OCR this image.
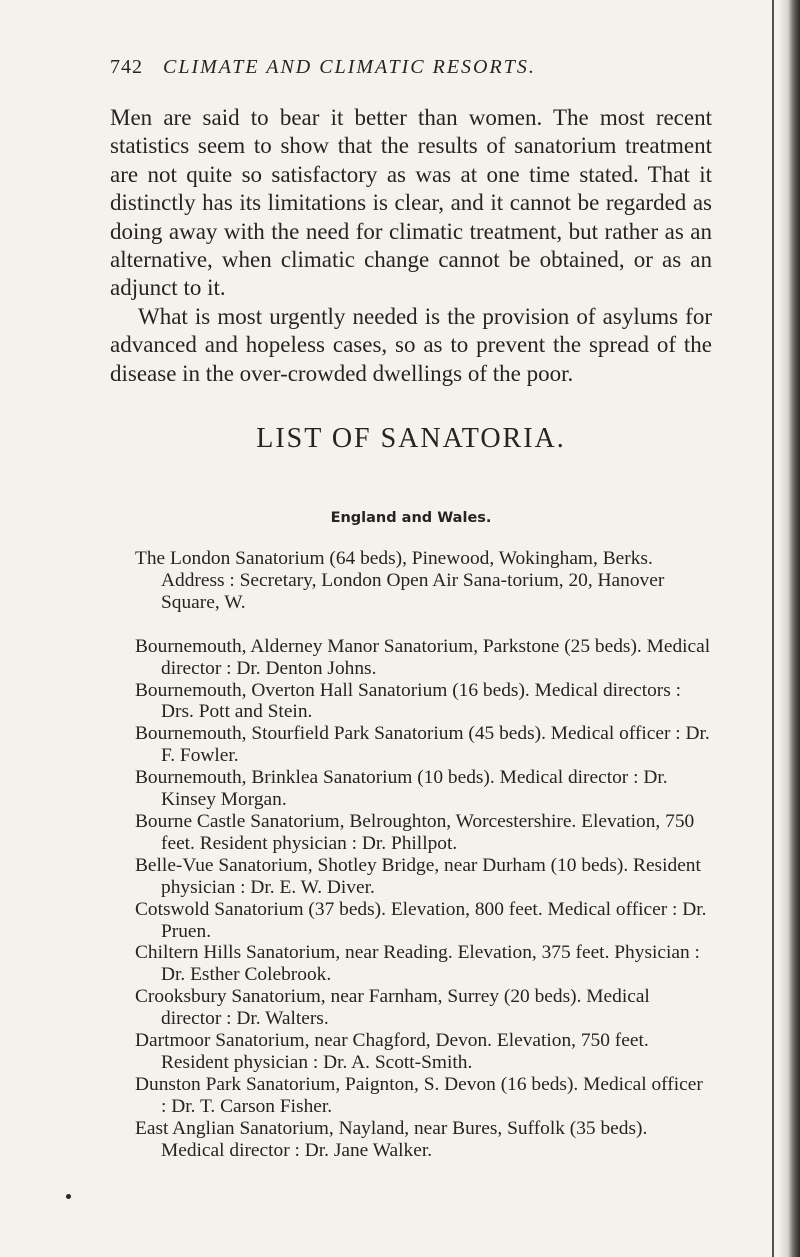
742 CLIMATE AND CLIMATIC RESORTS.

Men are said to bear it better than women. The most recent statistics seem to show that the results of sanatorium treatment are not quite so satisfactory as was at one time stated. That it distinctly has its limitations is clear, and it cannot be regarded as doing away with the need for climatic treatment, but rather as an alternative, when climatic change cannot be obtained, or as an adjunct to it.

What is most urgently needed is the provision of asylums for advanced and hopeless cases, so as to prevent the spread of the disease in the over-crowded dwellings of the poor.

LIST OF SANATORIA.
England and Wales.

The London Sanatorium (64 beds), Pinewood, Wokingham, Berks. Address : Secretary, London Open Air Sana-torium, 20, Hanover Square, W.

Bournemouth, Alderney Manor Sanatorium, Parkstone (25 beds). Medical director : Dr. Denton Johns.

Bournemouth, Overton Hall Sanatorium (16 beds). Medical directors : Drs. Pott and Stein.

Bournemouth, Stourfield Park Sanatorium (45 beds). Medical officer : Dr. F. Fowler.

Bournemouth, Brinklea Sanatorium (10 beds). Medical director : Dr. Kinsey Morgan.

Bourne Castle Sanatorium, Belroughton, Worcestershire. Elevation, 750 feet. Resident physician : Dr. Phillpot.

Belle-Vue Sanatorium, Shotley Bridge, near Durham (10 beds). Resident physician : Dr. E. W. Diver.

Cotswold Sanatorium (37 beds). Elevation, 800 feet. Medical officer : Dr. Pruen.

Chiltern Hills Sanatorium, near Reading. Elevation, 375 feet. Physician : Dr. Esther Colebrook.

Crooksbury Sanatorium, near Farnham, Surrey (20 beds). Medical director : Dr. Walters.

Dartmoor Sanatorium, near Chagford, Devon. Elevation, 750 feet. Resident physician : Dr. A. Scott-Smith.

Dunston Park Sanatorium, Paignton, S. Devon (16 beds). Medical officer : Dr. T. Carson Fisher.

East Anglian Sanatorium, Nayland, near Bures, Suffolk (35 beds). Medical director : Dr. Jane Walker.
